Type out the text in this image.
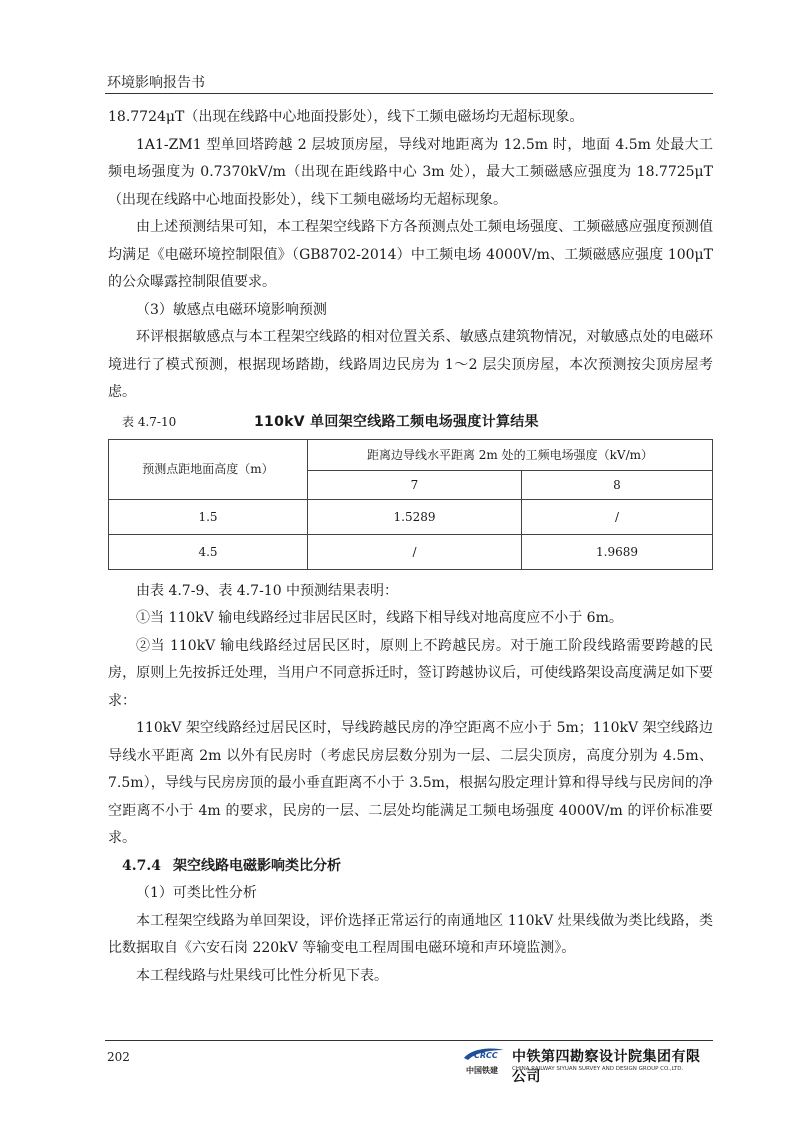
环境影响报告书

18.7724μT（出现在线路中心地面投影处），线下工频电磁场均无超标现象。

1A1-ZM1 型单回塔跨越 2 层坡顶房屋，导线对地距离为 12.5m 时，地面 4.5m 处最大工频电场强度为 0.7370kV/m（出现在距线路中心 3m 处），最大工频磁感应强度为 18.7725μT（出现在线路中心地面投影处），线下工频电磁场均无超标现象。

由上述预测结果可知，本工程架空线路下方各预测点处工频电场强度、工频磁感应强度预测值均满足《电磁环境控制限值》（GB8702-2014）中工频电场 4000V/m、工频磁感应强度 100μT 的公众曝露控制限值要求。

（3）敏感点电磁环境影响预测

环评根据敏感点与本工程架空线路的相对位置关系、敏感点建筑物情况，对敏感点处的电磁环境进行了模式预测，根据现场踏勘，线路周边民房为 1～2 层尖顶房屋，本次预测按尖顶房屋考虑。

表 4.7-10	110kV 单回架空线路工频电场强度计算结果
预测点距地面高度（m）	距离边导线水平距离 2m 处的工频电场强度（kV/m）	
	7	8
1.5	1.5289	/
4.5	/	1.9689

由表 4.7-9、表 4.7-10 中预测结果表明：

①当 110kV 输电线路经过非居民区时，线路下相导线对地高度应不小于 6m。

②当 110kV 输电线路经过居民区时，原则上不跨越民房。对于施工阶段线路需要跨越的民房，原则上先按拆迁处理，当用户不同意拆迁时，签订跨越协议后，可使线路架设高度满足如下要求：

110kV 架空线路经过居民区时，导线跨越民房的净空距离不应小于 5m；110kV 架空线路边导线水平距离 2m 以外有民房时（考虑民房层数分别为一层、二层尖顶房，高度分别为 4.5m、7.5m），导线与民房房顶的最小垂直距离不小于 3.5m，根据勾股定理计算和得导线与民房间的净空距离不小于 4m 的要求，民房的一层、二层处均能满足工频电场强度 4000V/m 的评价标准要求。

4.7.4 架空线路电磁影响类比分析

（1）可类比性分析

本工程架空线路为单回架设，评价选择正常运行的南通地区 110kV 灶果线做为类比线路，类比数据取自《六安石岗 220kV 等输变电工程周围电磁环境和声环境监测》。

本工程线路与灶果线可比性分析见下表。

202	CRCC
中国铁建
中铁第四勘察设计院集团有限公司
CHINA RAILWAY SIYUAN SURVEY AND DESIGN GROUP CO.,LTD.
